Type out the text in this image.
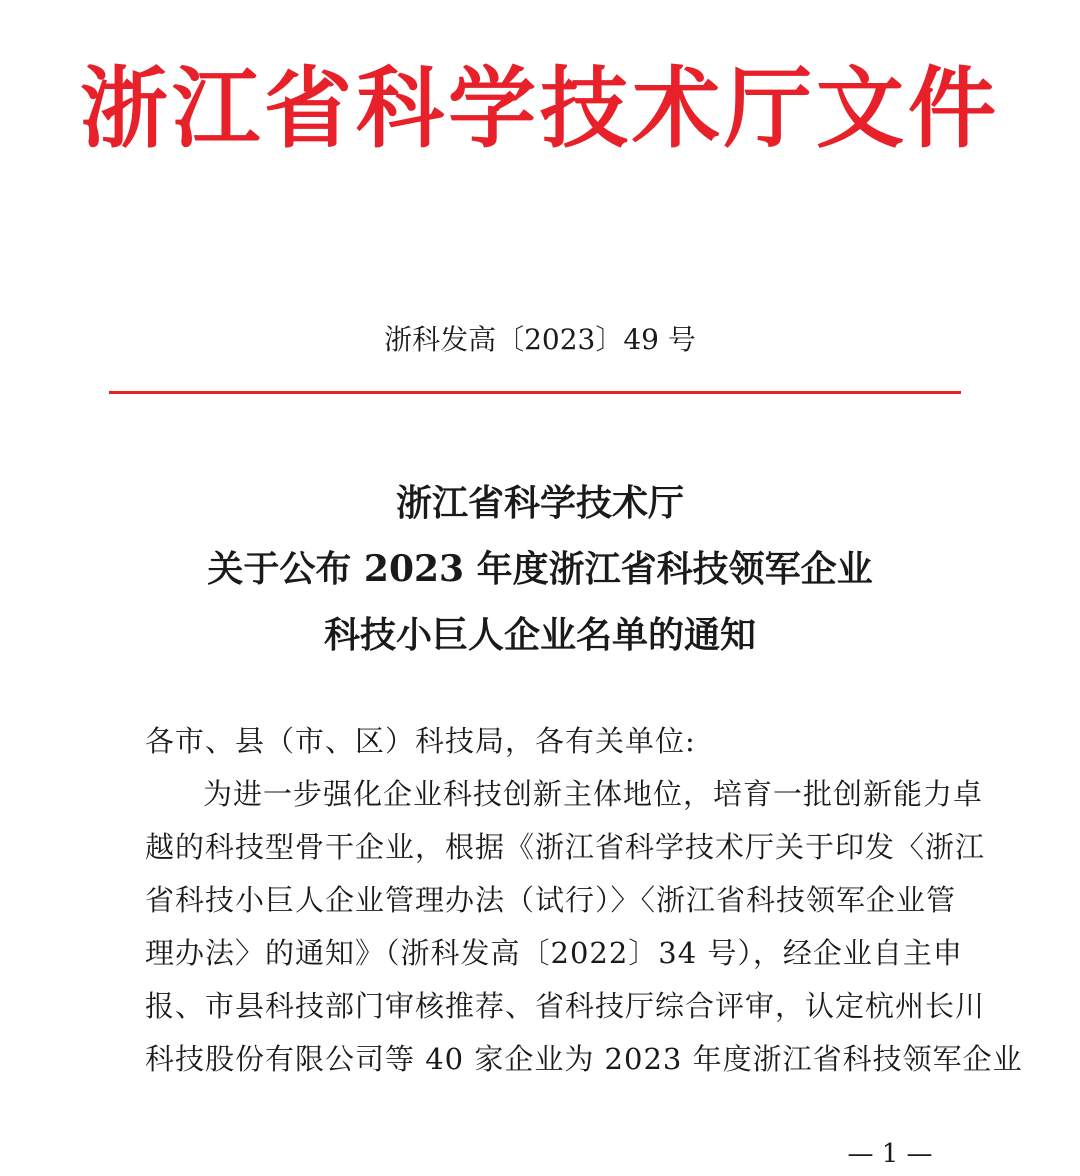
浙江省科学技术厅文件
浙科发高〔2023〕49 号
浙江省科学技术厅
关于公布 2023 年度浙江省科技领军企业
科技小巨人企业名单的通知
各市、县（市、区）科技局，各有关单位:
为进一步强化企业科技创新主体地位，培育一批创新能力卓
越的科技型骨干企业，根据《浙江省科学技术厅关于印发〈浙江
省科技小巨人企业管理办法（试行）〉〈浙江省科技领军企业管
理办法〉的通知》（浙科发高〔2022〕34 号），经企业自主申
报、市县科技部门审核推荐、省科技厅综合评审，认定杭州长川
科技股份有限公司等 40 家企业为 2023 年度浙江省科技领军企业
— 1 —
